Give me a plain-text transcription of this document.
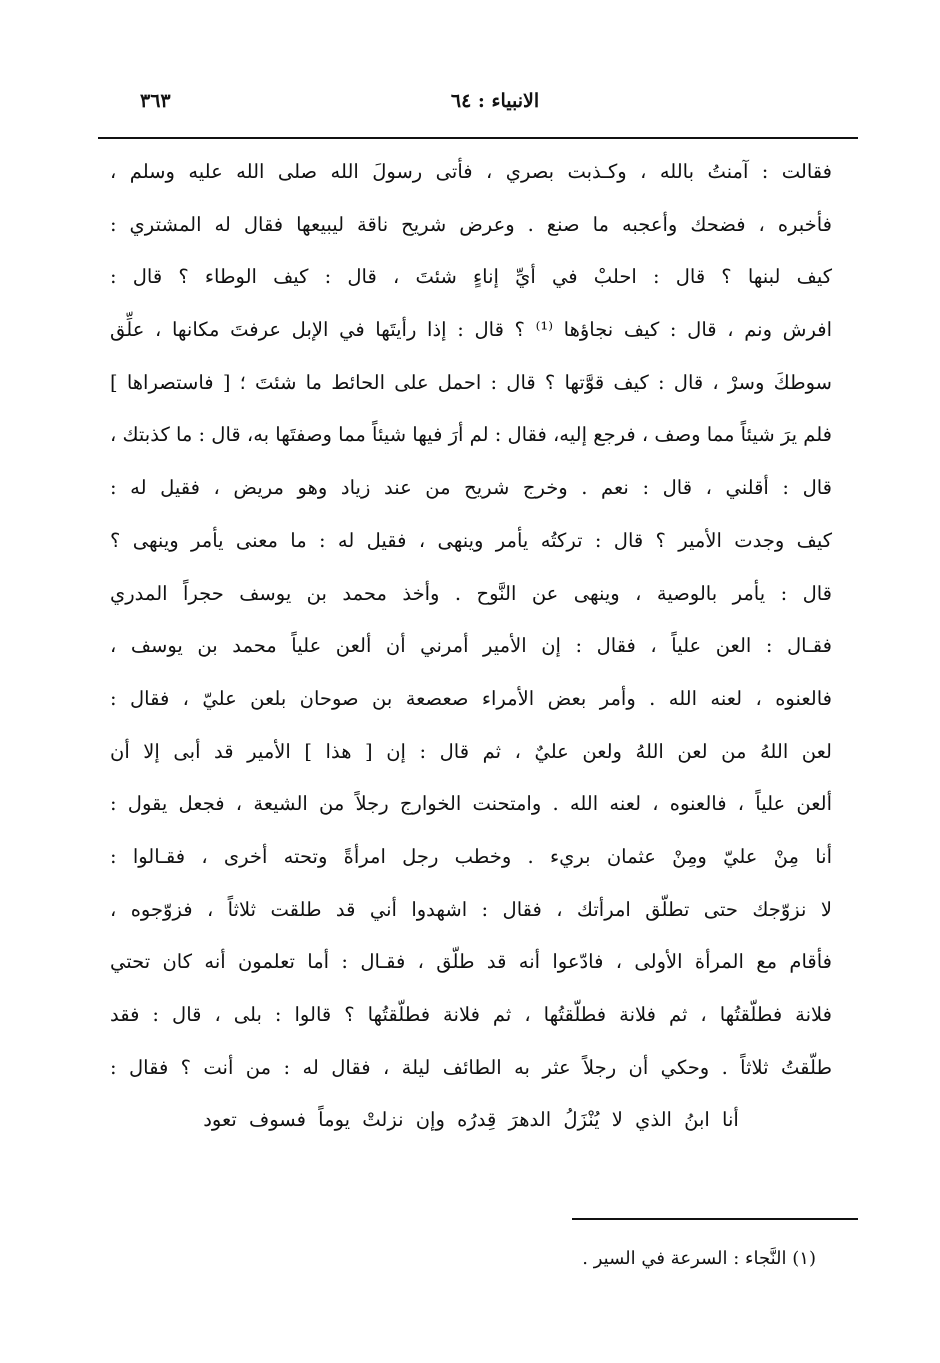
الانبياء : ٦٤
٣٦٣
فقالت : آمنتُ بالله ، وكـذبت بصري ، فأتى رسولَ الله صلى الله عليه وسلم ،
فأخبره ، فضحك وأعجبه ما صنع . وعرض شريح ناقة ليبيعها فقال له المشتري :
كيف لبنها ؟ قال : احلبْ في أيِّ إناءٍ شئتَ ، قال : كيف الوطاء ؟ قال :
افرش ونم ، قال : كيف نجاؤها ⁽¹⁾ ؟ قال : إذا رأيتَها في الإبل عرفتَ مكانها ، علِّق
سوطكَ وسرْ ، قال : كيف قوَّتها ؟ قال : احمل على الحائط ما شئتَ ؛ [ فاستصراها ]
فلم يرَ شيئاً مما وصف ، فرجع إليه، فقال : لم أرَ فيها شيئاً مما وصفتَها به، قال : ما كذبتك ،
قال : أقلني ، قال : نعم . وخرج شريح من عند زياد وهو مريض ، فقيل له :
كيف وجدت الأمير ؟ قال : تركتُه يأمر وينهى ، فقيل له : ما معنى يأمر وينهى ؟
قال : يأمر بالوصية ، وينهى عن النَّوح . وأخذ محمد بن يوسف حجراً المدري
فقـال : العن علياً ، فقال : إن الأمير أمرني أن ألعن علياً محمد بن يوسف ،
فالعنوه ، لعنه الله . وأمر بعض الأمراء صعصعة بن صوحان بلعن عليّ ، فقال :
لعن اللهُ من لعن اللهُ ولعن عليٌ ، ثم قال : إن [ هذا ] الأمير قد أبى إلا أن
ألعن علياً ، فالعنوه ، لعنه الله . وامتحنت الخوارج رجلاً من الشيعة ، فجعل يقول :
أنا مِنْ عليّ ومِنْ عثمان بريء . وخطب رجل امرأةً وتحته أخرى ، فقـالوا :
لا نزوّجك حتى تطلّق امرأتك ، فقال : اشهدوا أني قد طلقت ثلاثاً ، فزوّجوه ،
فأقام مع المرأة الأولى ، فادّعوا أنه قد طلّق ، فقـال : أما تعلمون أنه كان تحتي
فلانة فطلّقتُها ، ثم فلانة فطلّقتُها ، ثم فلانة فطلّقتُها ؟ قالوا : بلى ، قال : فقد
طلّقتُ ثلاثاً . وحكي أن رجلاً عثر به الطائف ليلة ، فقال له : من أنت ؟ فقال :
أنا ابنُ الذي لا يُنْزَلُ الدهرَ قِدرُه وإن نزلتْ يوماً فسوف تعود
(١) النَّجاء : السرعة في السير .
